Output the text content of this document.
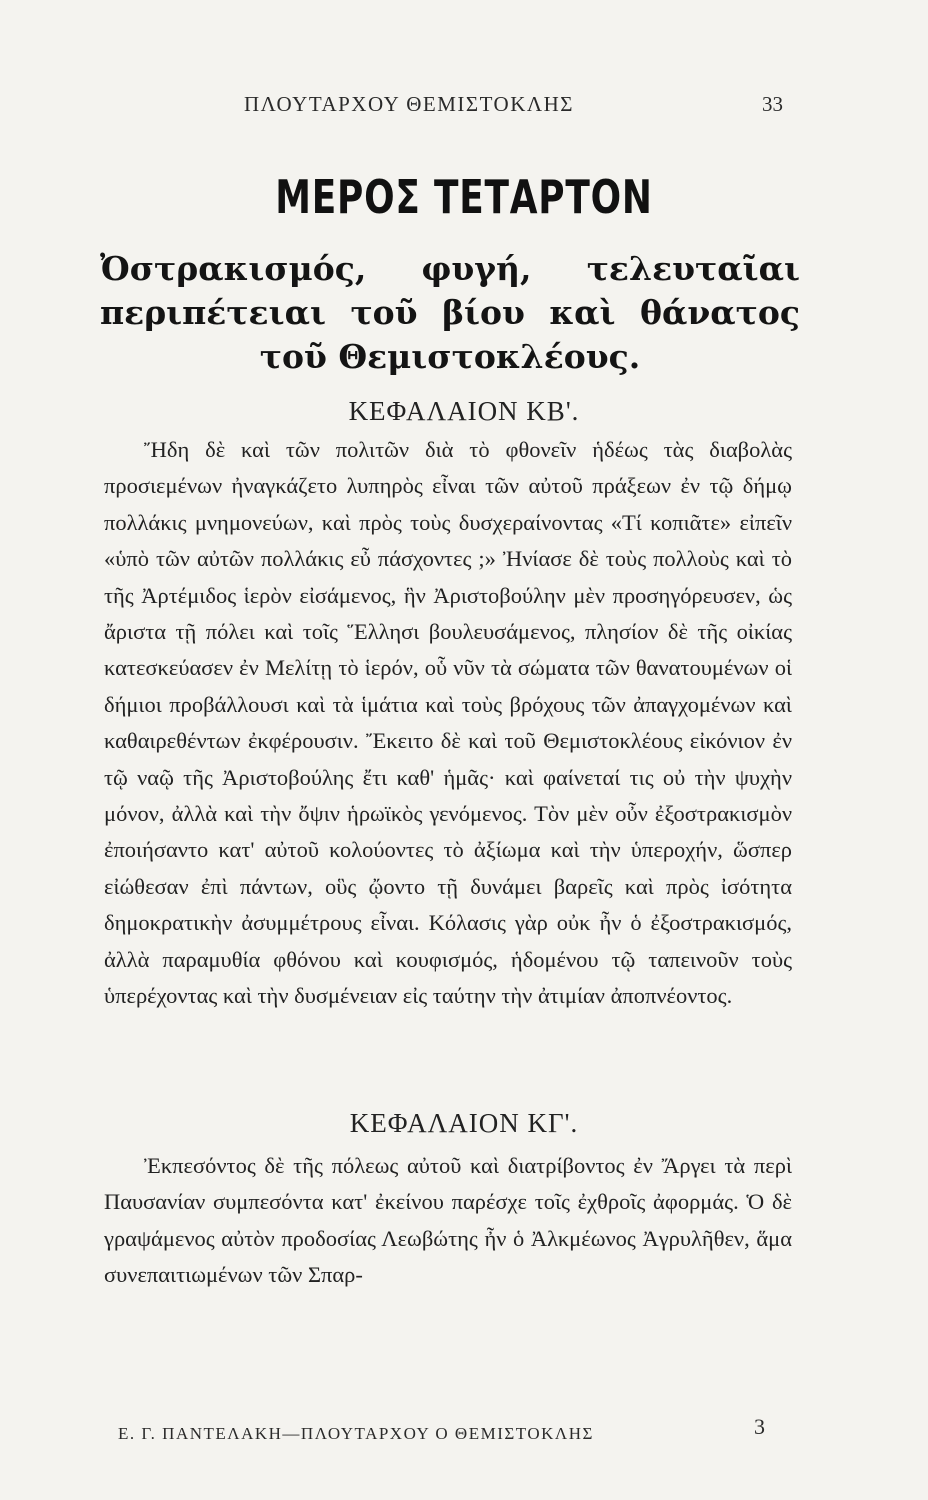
ΠΛΟΥΤΑΡΧΟΥ ΘΕΜΙΣΤΟΚΛΗΣ	33
ΜΕΡΟΣ ΤΕΤΑΡΤΟΝ
Ὀστρακισμός, φυγή, τελευταῖαι περιπέτειαι τοῦ βίου καὶ θάνατος τοῦ Θεμιστοκλέους.
ΚΕΦΑΛΑΙΟΝ ΚΒ'.
Ἤδη δὲ καὶ τῶν πολιτῶν διὰ τὸ φθονεῖν ἡδέως τὰς διαβολὰς προσιεμένων ἠναγκάζετο λυπηρὸς εἶναι τῶν αὐτοῦ πράξεων ἐν τῷ δήμῳ πολλάκις μνημονεύων, καὶ πρὸς τοὺς δυσχεραίνοντας «Τί κοπιᾶτε» εἰπεῖν «ὑπὸ τῶν αὐτῶν πολλάκις εὖ πάσχοντες ;» Ἠνίασε δὲ τοὺς πολλοὺς καὶ τὸ τῆς Ἀρτέμιδος ἱερὸν εἰσάμενος, ἣν Ἀριστοβούλην μὲν προσηγόρευσεν, ὡς ἄριστα τῇ πόλει καὶ τοῖς Ἕλλησι βουλευσάμενος, πλησίον δὲ τῆς οἰκίας κατεσκεύασεν ἐν Μελίτῃ τὸ ἱερόν, οὗ νῦν τὰ σώματα τῶν θανατουμένων οἱ δήμιοι προβάλλουσι καὶ τὰ ἱμάτια καὶ τοὺς βρόχους τῶν ἀπαγχομένων καὶ καθαιρεθέντων ἐκφέρουσιν. Ἔκειτο δὲ καὶ τοῦ Θεμιστοκλέους εἰκόνιον ἐν τῷ ναῷ τῆς Ἀριστοβούλης ἔτι καθ' ἡμᾶς· καὶ φαίνεταί τις οὐ τὴν ψυχὴν μόνον, ἀλλὰ καὶ τὴν ὄψιν ἡρωϊκὸς γενόμενος. Τὸν μὲν οὖν ἐξοστρακισμὸν ἐποιήσαντο κατ' αὐτοῦ κολούοντες τὸ ἀξίωμα καὶ τὴν ὑπεροχήν, ὥσπερ εἰώθεσαν ἐπὶ πάντων, οὓς ᾤοντο τῇ δυνάμει βαρεῖς καὶ πρὸς ἰσότητα δημοκρατικὴν ἀσυμμέτρους εἶναι. Κόλασις γὰρ οὐκ ἦν ὁ ἐξοστρακισμός, ἀλλὰ παραμυθία φθόνου καὶ κουφισμός, ἡδομένου τῷ ταπεινοῦν τοὺς ὑπερέχοντας καὶ τὴν δυσμένειαν εἰς ταύτην τὴν ἀτιμίαν ἀποπνέοντος.
ΚΕΦΑΛΑΙΟΝ ΚΓ'.
Ἐκπεσόντος δὲ τῆς πόλεως αὐτοῦ καὶ διατρίβοντος ἐν Ἄργει τὰ περὶ Παυσανίαν συμπεσόντα κατ' ἐκείνου παρέσχε τοῖς ἐχθροῖς ἀφορμάς. Ὁ δὲ γραψάμενος αὐτὸν προδοσίας Λεωβώτης ἦν ὁ Ἀλκμέωνος Ἀγρυλῆθεν, ἅμα συνεπαιτιωμένων τῶν Σπαρ-
Ε. Γ. ΠΑΝΤΕΛΑΚΗ—ΠΛΟΥΤΑΡΧΟΥ Ο ΘΕΜΙΣΤΟΚΛΗΣ	3
